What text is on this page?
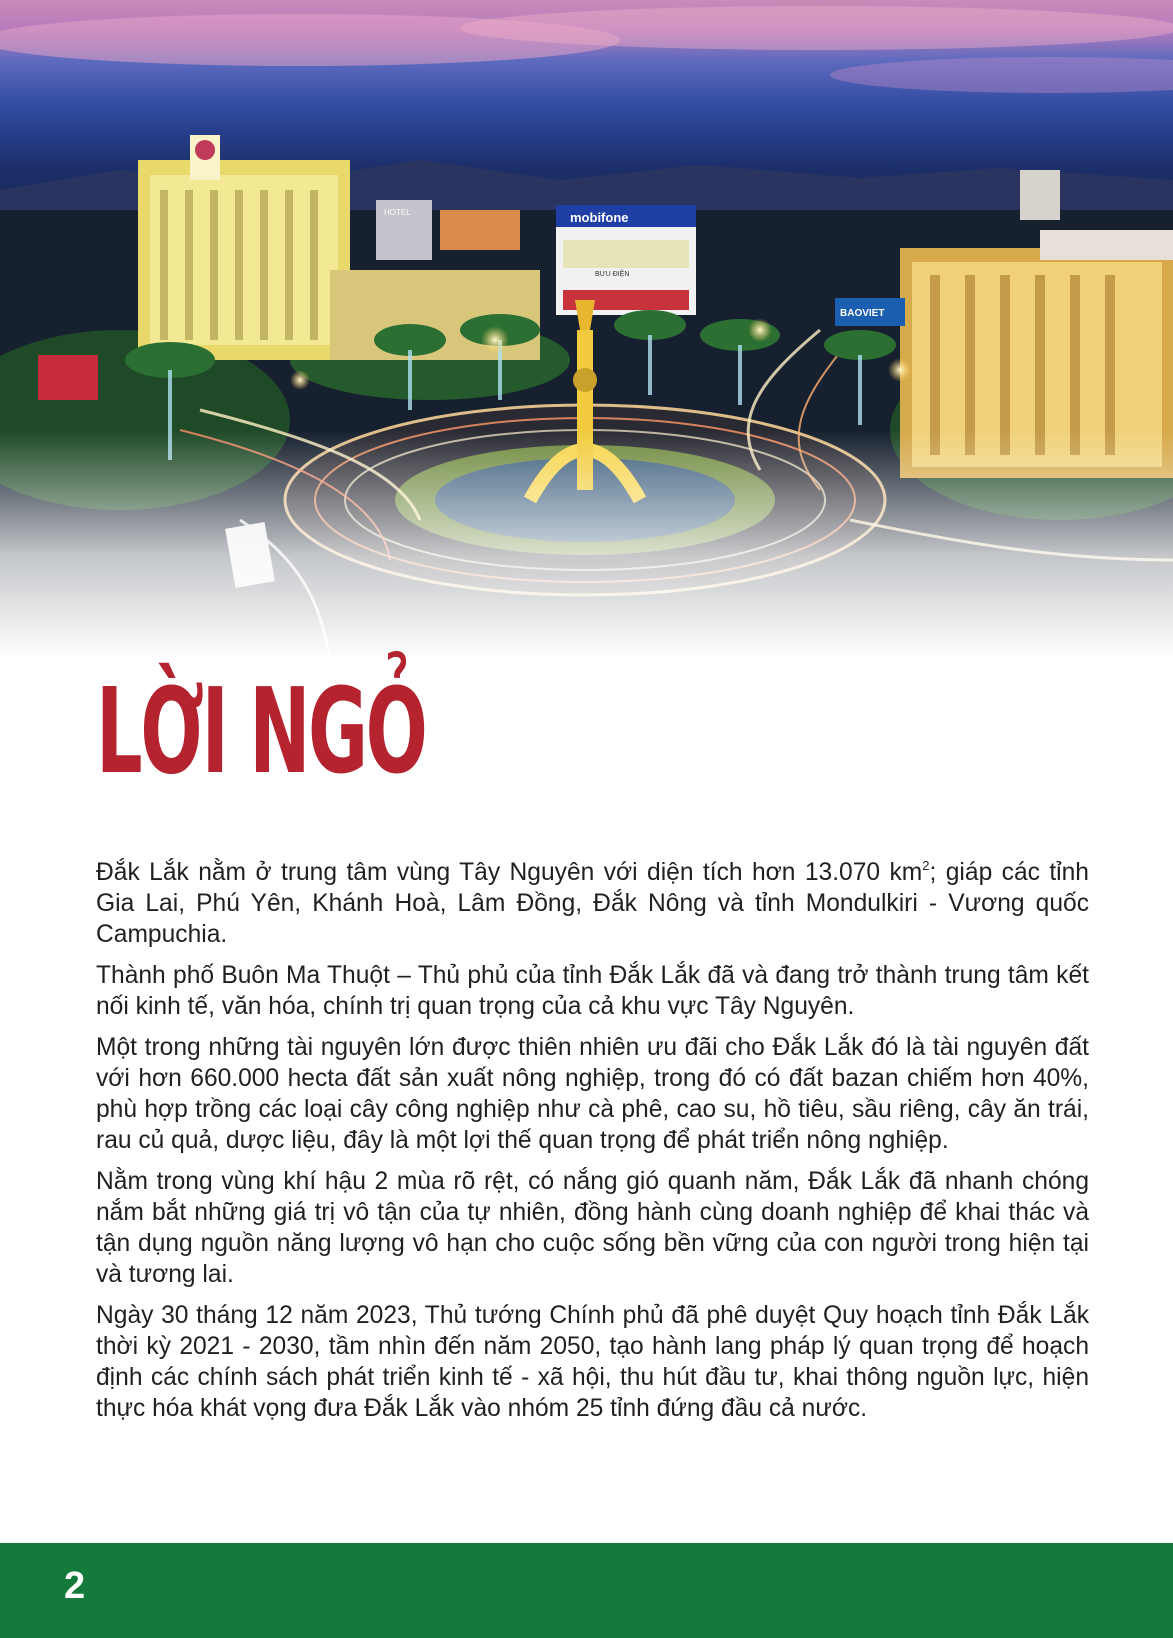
HOTEL	mobifone
BƯU ĐIỆN
BAOVIET
LỜI NGỎ

Đắk Lắk nằm ở trung tâm vùng Tây Nguyên với diện tích hơn 13.070 $km^2$; giáp các tỉnh Gia Lai, Phú Yên, Khánh Hoà, Lâm Đồng, Đắk Nông và tỉnh Mondulkiri - Vương quốc Campuchia.

Thành phố Buôn Ma Thuột – Thủ phủ của tỉnh Đắk Lắk đã và đang trở thành trung tâm kết nối kinh tế, văn hóa, chính trị quan trọng của cả khu vực Tây Nguyên.

Một trong những tài nguyên lớn được thiên nhiên ưu đãi cho Đắk Lắk đó là tài nguyên đất với hơn 660.000 hecta đất sản xuất nông nghiệp, trong đó có đất bazan chiếm hơn 40%, phù hợp trồng các loại cây công nghiệp như cà phê, cao su, hồ tiêu, sầu riêng, cây ăn trái, rau củ quả, dược liệu, đây là một lợi thế quan trọng để phát triển nông nghiệp.

Nằm trong vùng khí hậu 2 mùa rõ rệt, có nắng gió quanh năm, Đắk Lắk đã nhanh chóng nắm bắt những giá trị vô tận của tự nhiên, đồng hành cùng doanh nghiệp để khai thác và tận dụng nguồn năng lượng vô hạn cho cuộc sống bền vững của con người trong hiện tại và tương lai.

Ngày 30 tháng 12 năm 2023, Thủ tướng Chính phủ đã phê duyệt Quy hoạch tỉnh Đắk Lắk thời kỳ 2021 - 2030, tầm nhìn đến năm 2050, tạo hành lang pháp lý quan trọng để hoạch định các chính sách phát triển kinh tế - xã hội, thu hút đầu tư, khai thông nguồn lực, hiện thực hóa khát vọng đưa Đắk Lắk vào nhóm 25 tỉnh đứng đầu cả nước.

2
